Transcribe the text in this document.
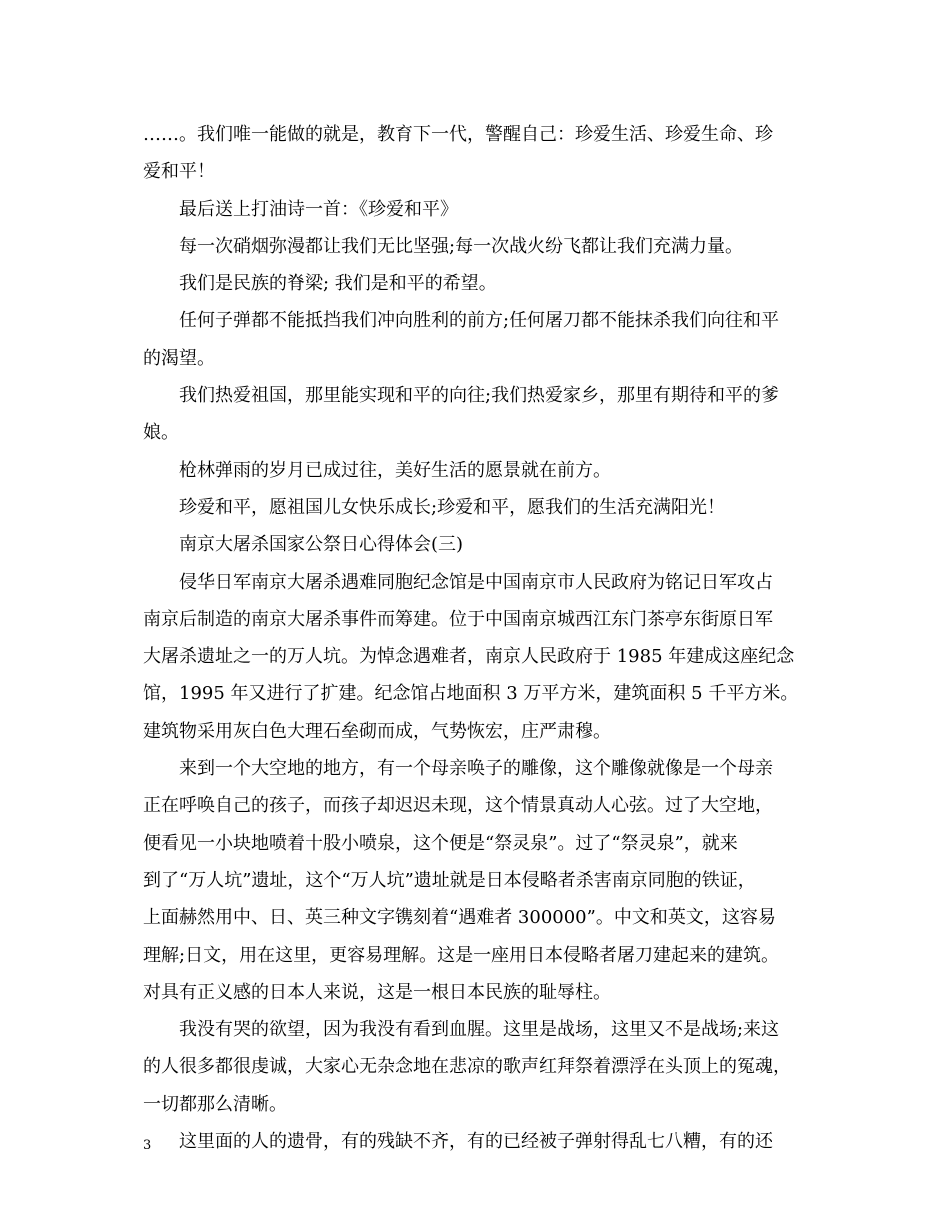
……。我们唯一能做的就是，教育下一代，警醒自己：珍爱生活、珍爱生命、珍
爱和平！
最后送上打油诗一首：《珍爱和平》
每一次硝烟弥漫都让我们无比坚强;每一次战火纷飞都让我们充满力量。
我们是民族的脊梁; 我们是和平的希望。
任何子弹都不能抵挡我们冲向胜利的前方;任何屠刀都不能抹杀我们向往和平
的渴望。
我们热爱祖国，那里能实现和平的向往;我们热爱家乡，那里有期待和平的爹
娘。
枪林弹雨的岁月已成过往，美好生活的愿景就在前方。
珍爱和平，愿祖国儿女快乐成长;珍爱和平，愿我们的生活充满阳光！
南京大屠杀国家公祭日心得体会(三)
侵华日军南京大屠杀遇难同胞纪念馆是中国南京市人民政府为铭记日军攻占
南京后制造的南京大屠杀事件而筹建。位于中国南京城西江东门茶亭东街原日军
大屠杀遗址之一的万人坑。为悼念遇难者，南京人民政府于 1985 年建成这座纪念
馆，1995 年又进行了扩建。纪念馆占地面积 3 万平方米，建筑面积 5 千平方米。
建筑物采用灰白色大理石垒砌而成，气势恢宏，庄严肃穆。
来到一个大空地的地方，有一个母亲唤子的雕像，这个雕像就像是一个母亲
正在呼唤自己的孩子，而孩子却迟迟未现，这个情景真动人心弦。过了大空地，
便看见一小块地喷着十股小喷泉，这个便是“祭灵泉”。过了“祭灵泉”，就来
到了“万人坑”遗址，这个“万人坑”遗址就是日本侵略者杀害南京同胞的铁证，
上面赫然用中、日、英三种文字镌刻着“遇难者 300000”。中文和英文，这容易
理解;日文，用在这里，更容易理解。这是一座用日本侵略者屠刀建起来的建筑。
对具有正义感的日本人来说，这是一根日本民族的耻辱柱。
我没有哭的欲望，因为我没有看到血腥。这里是战场，这里又不是战场;来这
的人很多都很虔诚，大家心无杂念地在悲凉的歌声红拜祭着漂浮在头顶上的冤魂，
一切都那么清晰。
这里面的人的遗骨，有的残缺不齐，有的已经被子弹射得乱七八糟，有的还
3
